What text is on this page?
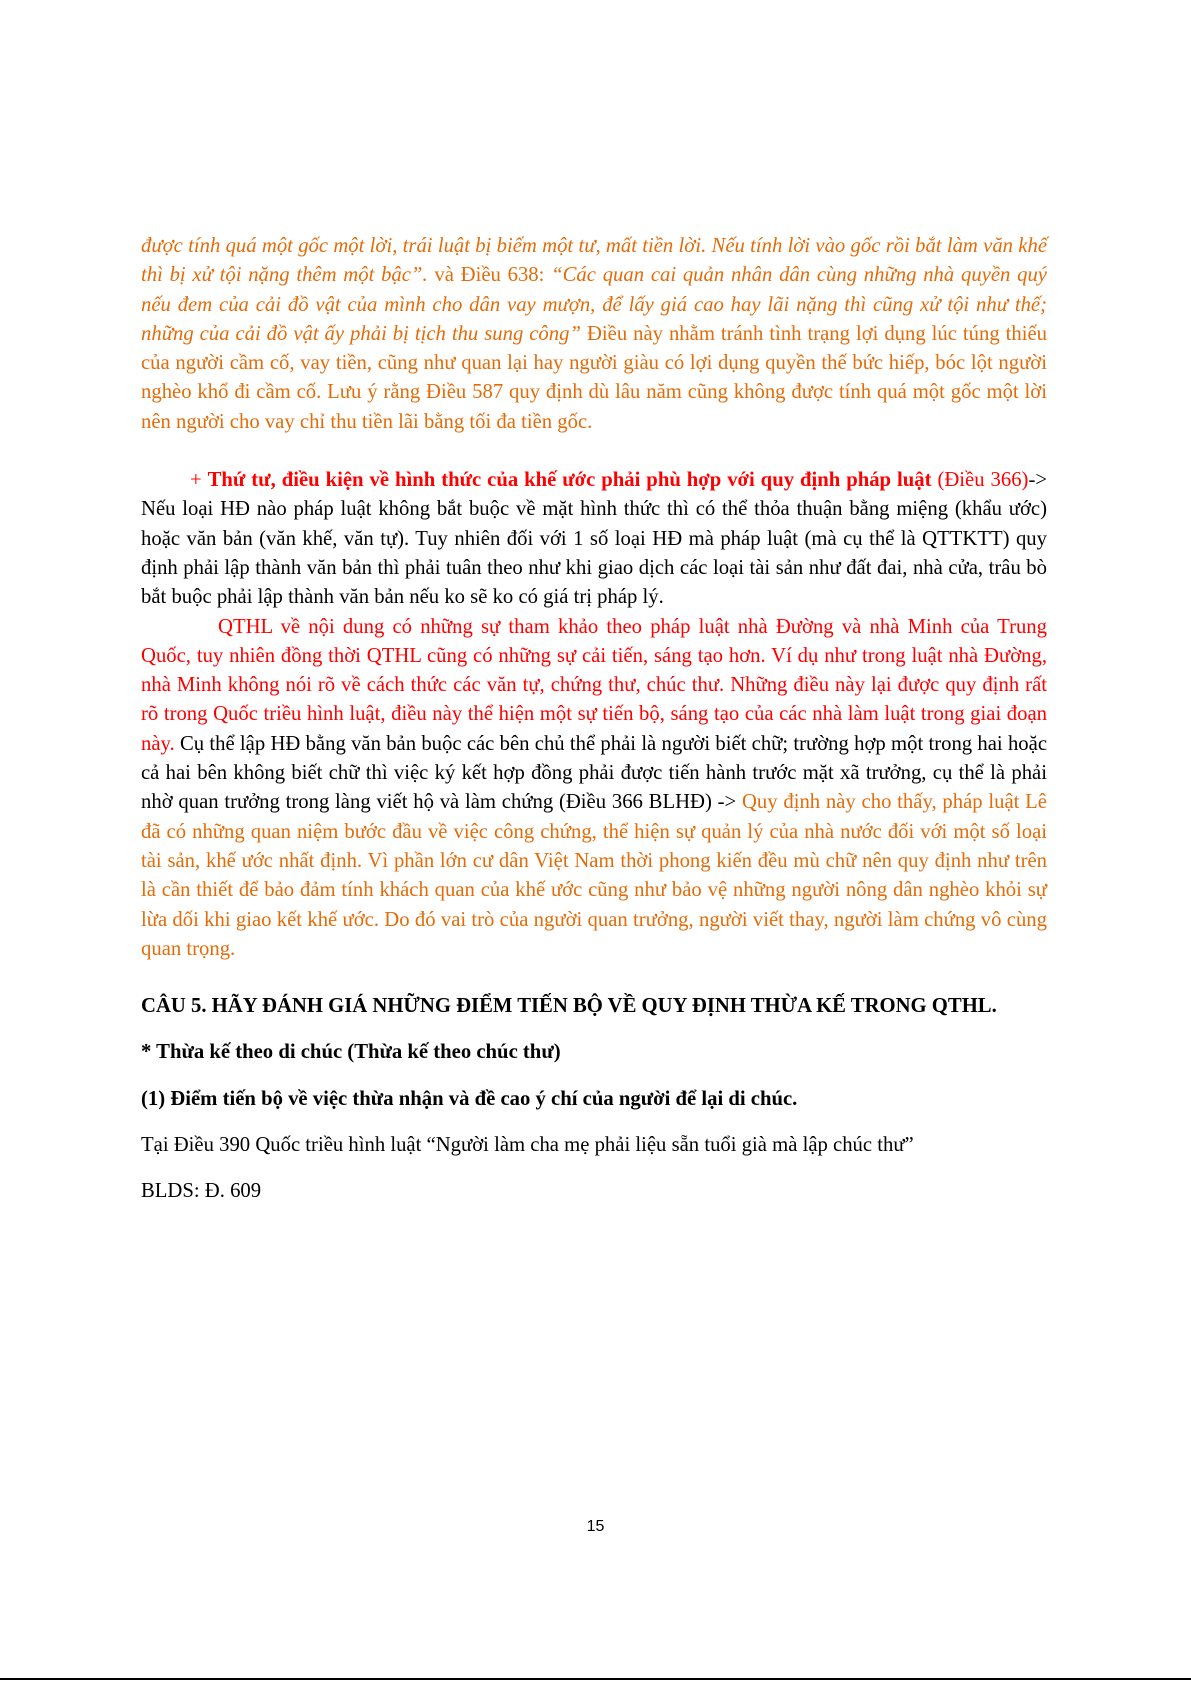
được tính quá một gốc một lời, trái luật bị biếm một tư, mất tiền lời. Nếu tính lời vào gốc rồi bắt làm văn khế thì bị xử tội nặng thêm một bậc”. và Điều 638: “Các quan cai quản nhân dân cùng những nhà quyền quý nếu đem của cải đồ vật của mình cho dân vay mượn, để lấy giá cao hay lãi nặng thì cũng xử tội như thế; những của cải đồ vật ấy phải bị tịch thu sung công” Điều này nhằm tránh tình trạng lợi dụng lúc túng thiếu của người cầm cố, vay tiền, cũng như quan lại hay người giàu có lợi dụng quyền thế bức hiếp, bóc lột người nghèo khổ đi cầm cố. Lưu ý rằng Điều 587 quy định dù lâu năm cũng không được tính quá một gốc một lời nên người cho vay chỉ thu tiền lãi bằng tối đa tiền gốc.

+ Thứ tư, điều kiện về hình thức của khế ước phải phù hợp với quy định pháp luật (Điều 366)-> Nếu loại HĐ nào pháp luật không bắt buộc về mặt hình thức thì có thể thỏa thuận bằng miệng (khẩu ước) hoặc văn bản (văn khế, văn tự). Tuy nhiên đối với 1 số loại HĐ mà pháp luật (mà cụ thể là QTTKTT) quy định phải lập thành văn bản thì phải tuân theo như khi giao dịch các loại tài sản như đất đai, nhà cửa, trâu bò bắt buộc phải lập thành văn bản nếu ko sẽ ko có giá trị pháp lý.

QTHL về nội dung có những sự tham khảo theo pháp luật nhà Đường và nhà Minh của Trung Quốc, tuy nhiên đồng thời QTHL cũng có những sự cải tiến, sáng tạo hơn. Ví dụ như trong luật nhà Đường, nhà Minh không nói rõ về cách thức các văn tự, chứng thư, chúc thư. Những điều này lại được quy định rất rõ trong Quốc triều hình luật, điều này thể hiện một sự tiến bộ, sáng tạo của các nhà làm luật trong giai đoạn này. Cụ thể lập HĐ bằng văn bản buộc các bên chủ thể phải là người biết chữ; trường hợp một trong hai hoặc cả hai bên không biết chữ thì việc ký kết hợp đồng phải được tiến hành trước mặt xã trưởng, cụ thể là phải nhờ quan trưởng trong làng viết hộ và làm chứng (Điều 366 BLHĐ) -> Quy định này cho thấy, pháp luật Lê đã có những quan niệm bước đầu về việc công chứng, thể hiện sự quản lý của nhà nước đối với một số loại tài sản, khế ước nhất định. Vì phần lớn cư dân Việt Nam thời phong kiến đều mù chữ nên quy định như trên là cần thiết để bảo đảm tính khách quan của khế ước cũng như bảo vệ những người nông dân nghèo khỏi sự lừa dối khi giao kết khế ước. Do đó vai trò của người quan trưởng, người viết thay, người làm chứng vô cùng quan trọng.

CÂU 5. HÃY ĐÁNH GIÁ NHỮNG ĐIỂM TIẾN BỘ VỀ QUY ĐỊNH THỪA KẾ TRONG QTHL.

* Thừa kế theo di chúc (Thừa kế theo chúc thư)

(1) Điểm tiến bộ về việc thừa nhận và đề cao ý chí của người để lại di chúc.

Tại Điều 390 Quốc triều hình luật “Người làm cha mẹ phải liệu sẵn tuổi già mà lập chúc thư”

BLDS: Đ. 609

15
